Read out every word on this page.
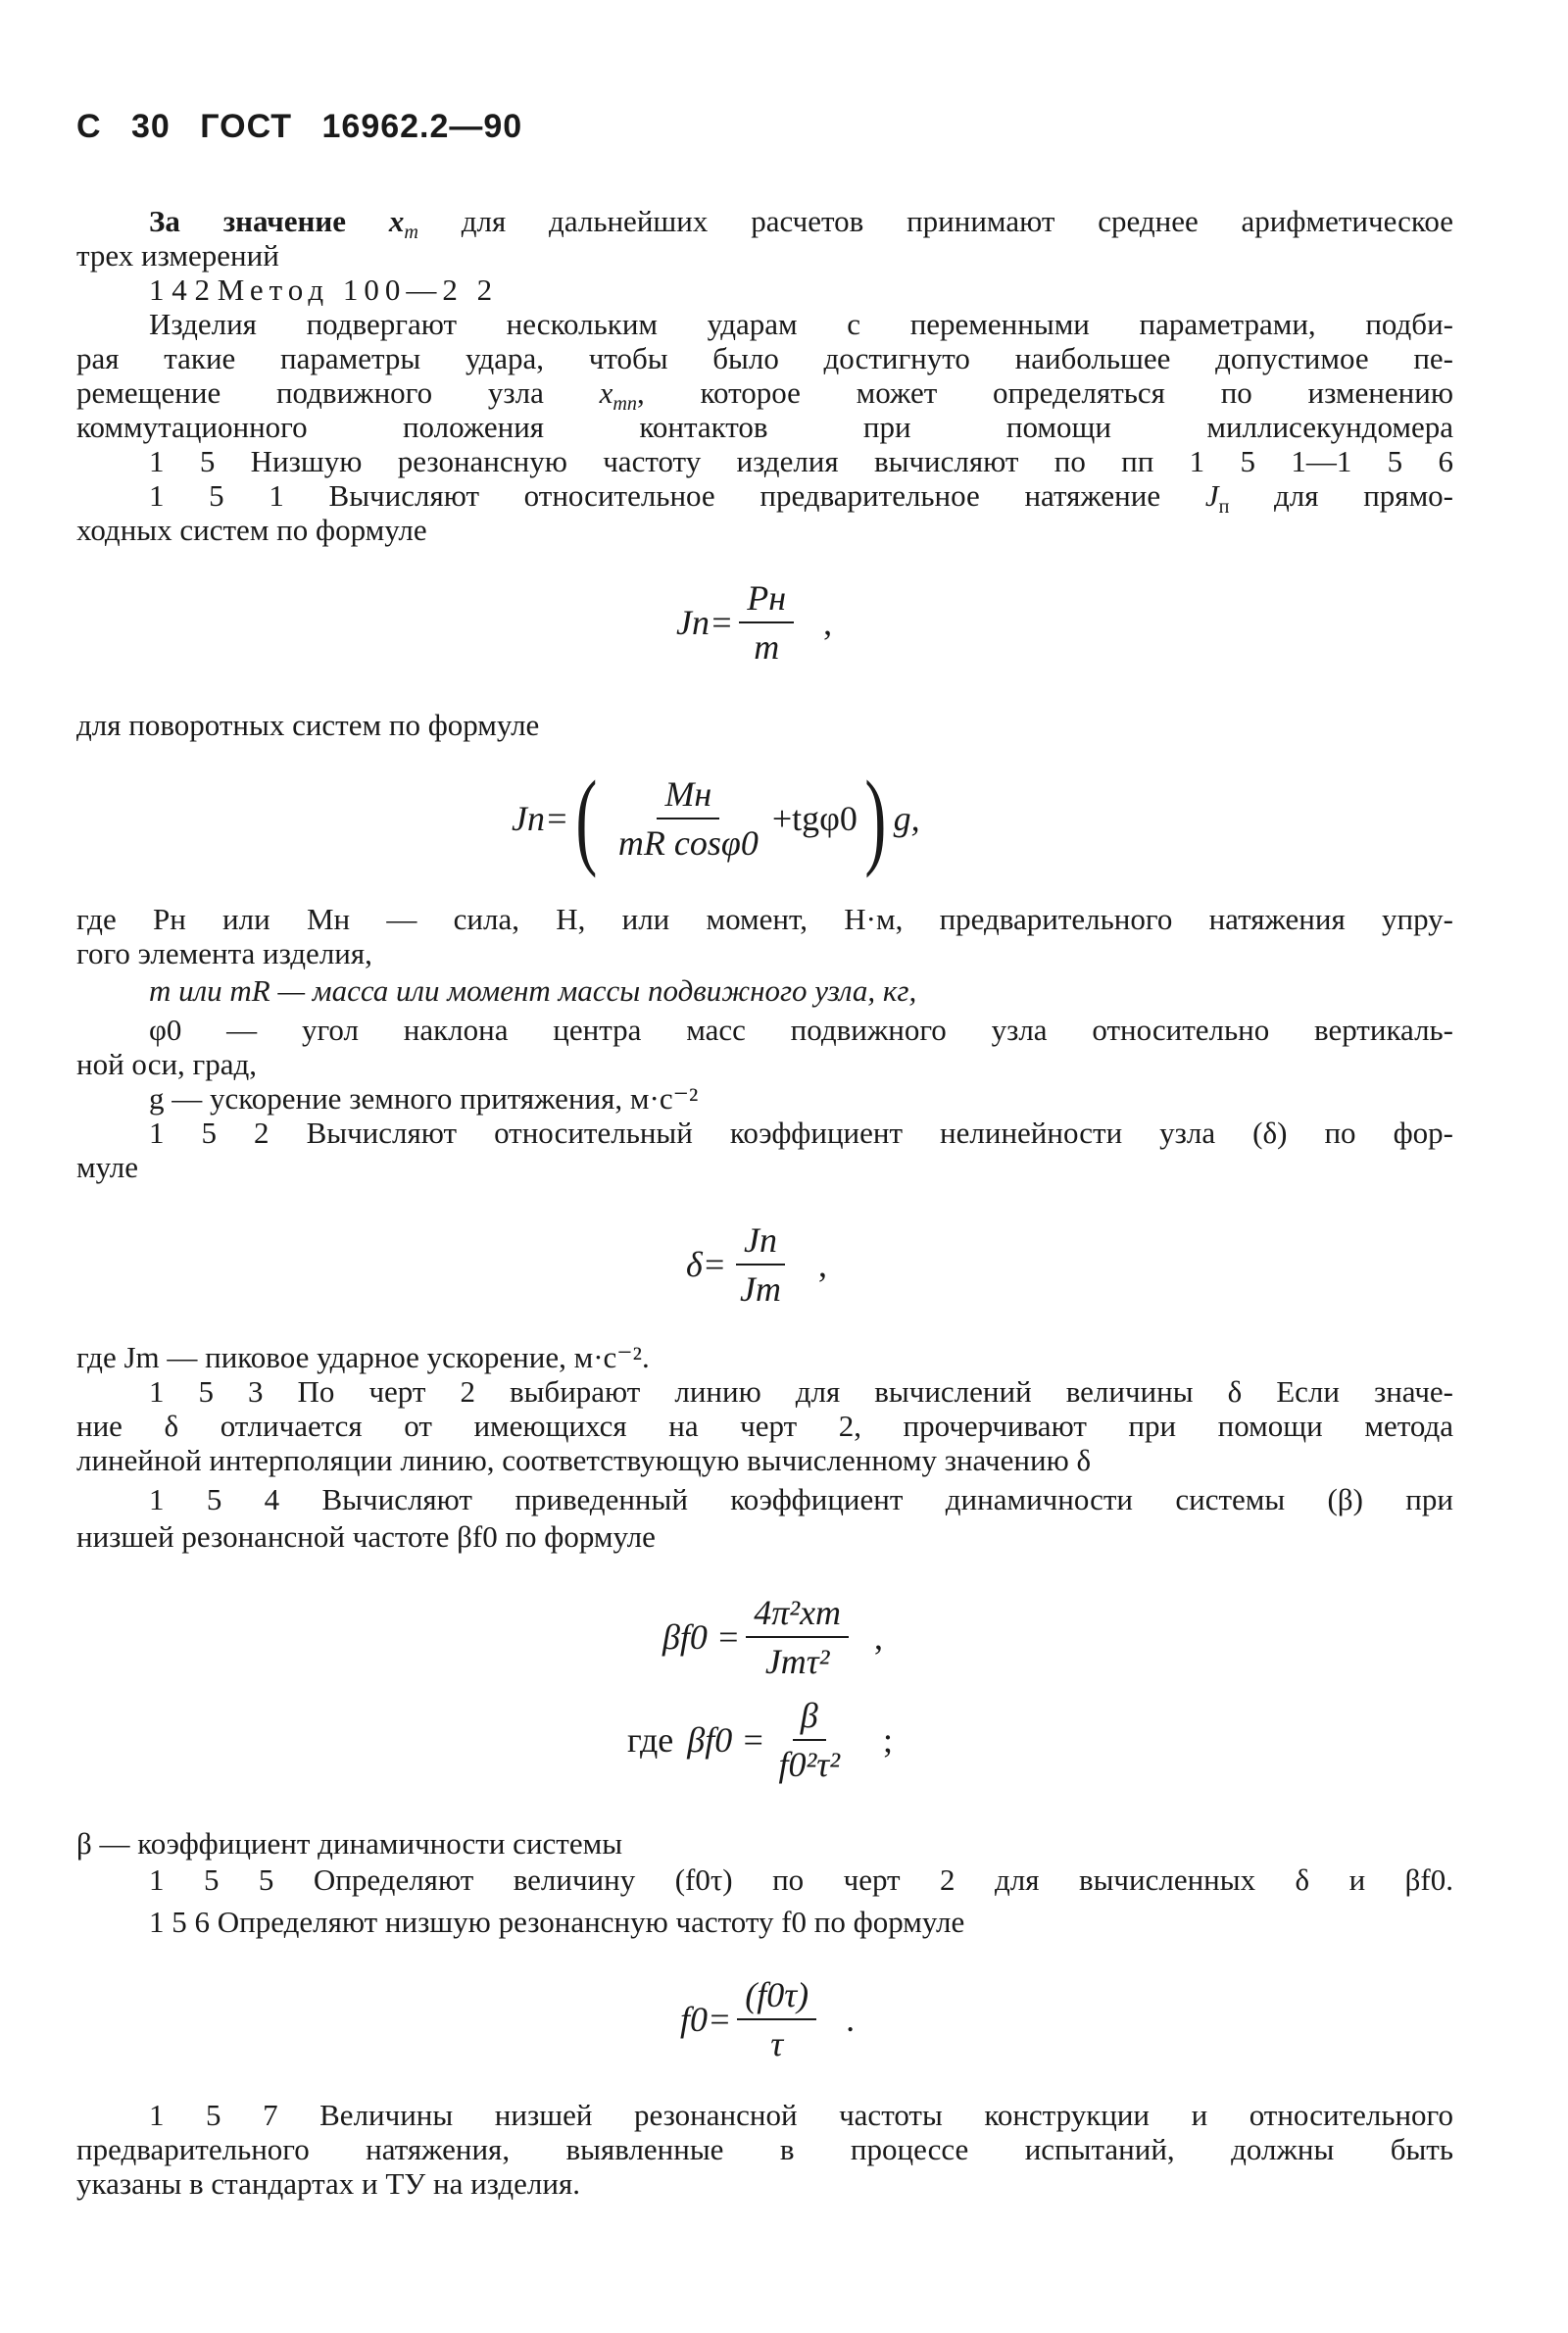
С 30 ГОСТ 16962.2—90
За значение $x_m$ для дальнейших расчетов принимают среднее арифметическое
трех измерений
1 4 2 Метод 100—2 2
Изделия подвергают нескольким ударам с переменными параметрами, подби-
рая такие параметры удара, чтобы было достигнуто наибольшее допустимое пе-
ремещение подвижного узла $x_{mп}$, которое может определяться по изменению
коммутационного положения контактов при помощи миллисекундомера
1 5 Низшую резонансную частоту изделия вычисляют по пп 1 5 1—1 5 6
1 5 1 Вычисляют относительное предварительное натяжение $J_п$ для прямо-
ходных систем по формуле
$Jп= \frac{Pн}{m}$ ,
для поворотных систем по формуле
Jп= ( $\frac{Mн}{\text{mR cosφ0}} +tg\varphi 0$ ) g,
где Pн или Mн — сила, Н, или момент, Н·м, предварительного натяжения упру-
гого элемента изделия,
m или mR — масса или момент массы подвижного узла, кг,
φ0 — угол наклона центра масс подвижного узла относительно вертикаль-
ной оси, град,
g — ускорение земного притяжения, м·с⁻²
1 5 2 Вычисляют относительный коэффициент нелинейности узла (δ) по фор-
муле
$\delta= \frac{Jп}{Jm}$ ,
где Jm — пиковое ударное ускорение, м·с⁻².
1 5 3 По черт 2 выбирают линию для вычислений величины δ Если значе-
ние δ отличается от имеющихся на черт 2, прочерчивают при помощи метода
линейной интерполяции линию, соответствующую вычисленному значению δ
1 5 4 Вычисляют приведенный коэффициент динамичности системы (β) при
низшей резонансной частоте βf0 по формуле
$\beta f0 = \frac{\text{4π²xm}}{\text{Jmτ²}}$ ,
где $\beta f0 = \frac{\beta}{\text{f0²τ²}}$ ;
β — коэффициент динамичности системы
1 5 5 Определяют величину (f0τ) по черт 2 для вычисленных δ и βf0.
1 5 6 Определяют низшую резонансную частоту f0 по формуле
$f0= \frac{(f0\tau)}{\tau}$ .
1 5 7 Величины низшей резонансной частоты конструкции и относительного
предварительного натяжения, выявленные в процессе испытаний, должны быть
указаны в стандартах и ТУ на изделия.
